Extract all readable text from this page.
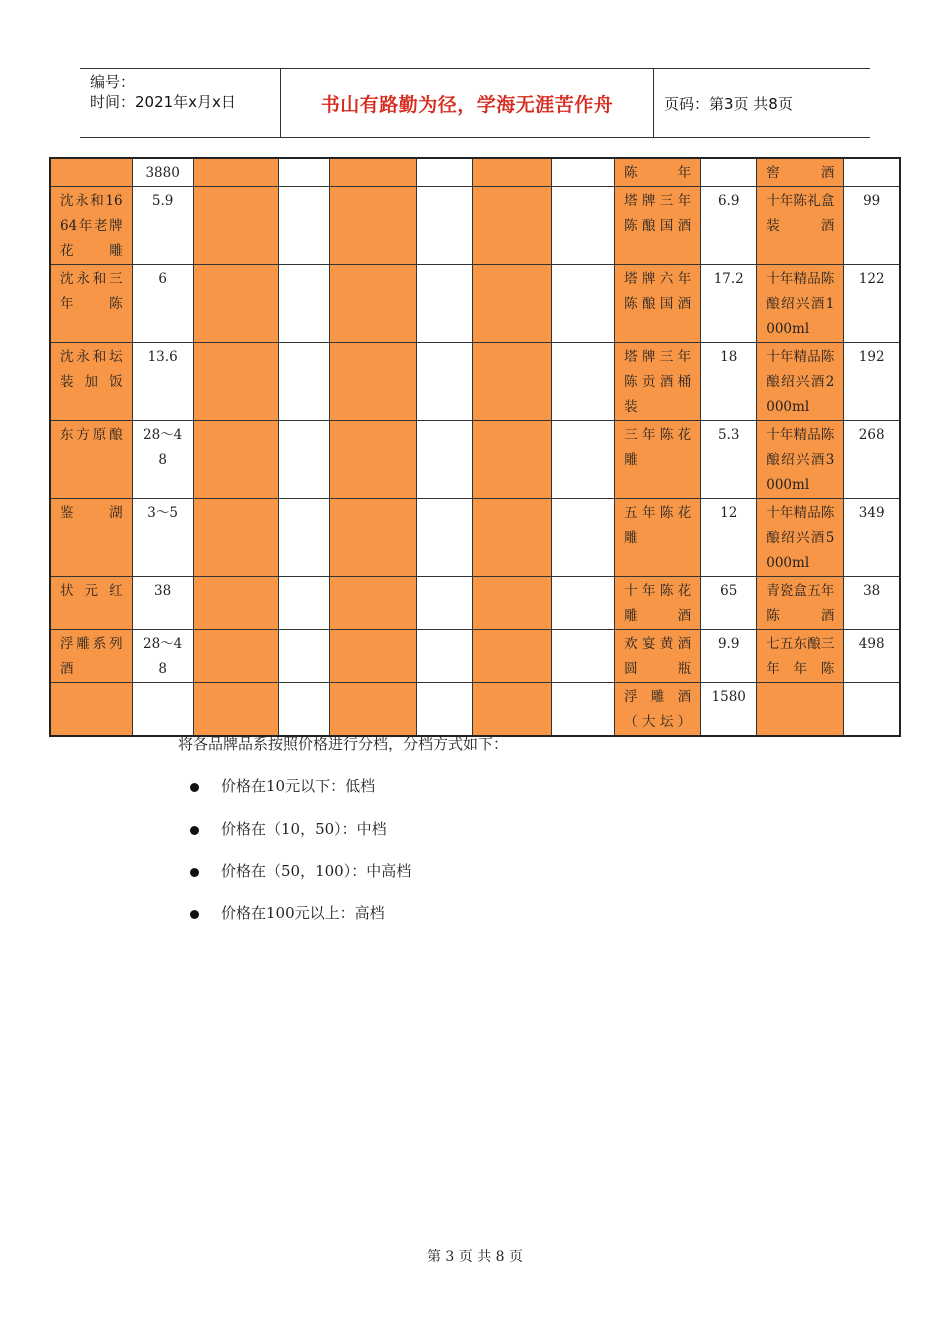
编号：
时间：2021年x月x日	书山有路勤为径，学海无涯苦作舟	页码：第3页 共8页
	3880							陈年		窖酒	
沈永和1664年老牌花雕	5.9							塔牌三年陈酿国酒	6.9	十年陈礼盒装酒	99
沈永和三年陈	6							塔牌六年陈酿国酒	17.2	十年精品陈酿绍兴酒1000ml	122
沈永和坛装加饭	13.6							塔牌三年陈贡酒桶装	18	十年精品陈酿绍兴酒2000ml	192
东方原酿	28～48							三年陈花雕	5.3	十年精品陈酿绍兴酒3000ml	268
鉴湖	3～5							五年陈花雕	12	十年精品陈酿绍兴酒5000ml	349
状元红	38							十年陈花雕酒	65	青瓷盒五年陈酒	38
浮雕系列酒	28～48							欢宴黄酒圆瓶	9.9	七五东酿三年年陈	498
								浮雕酒（大坛）	1580		
将各品牌品系按照价格进行分档，分档方式如下：
价格在10元以下：低档
价格在（10，50）：中档
价格在（50，100）：中高档
价格在100元以上：高档
第 3 页 共 8 页
